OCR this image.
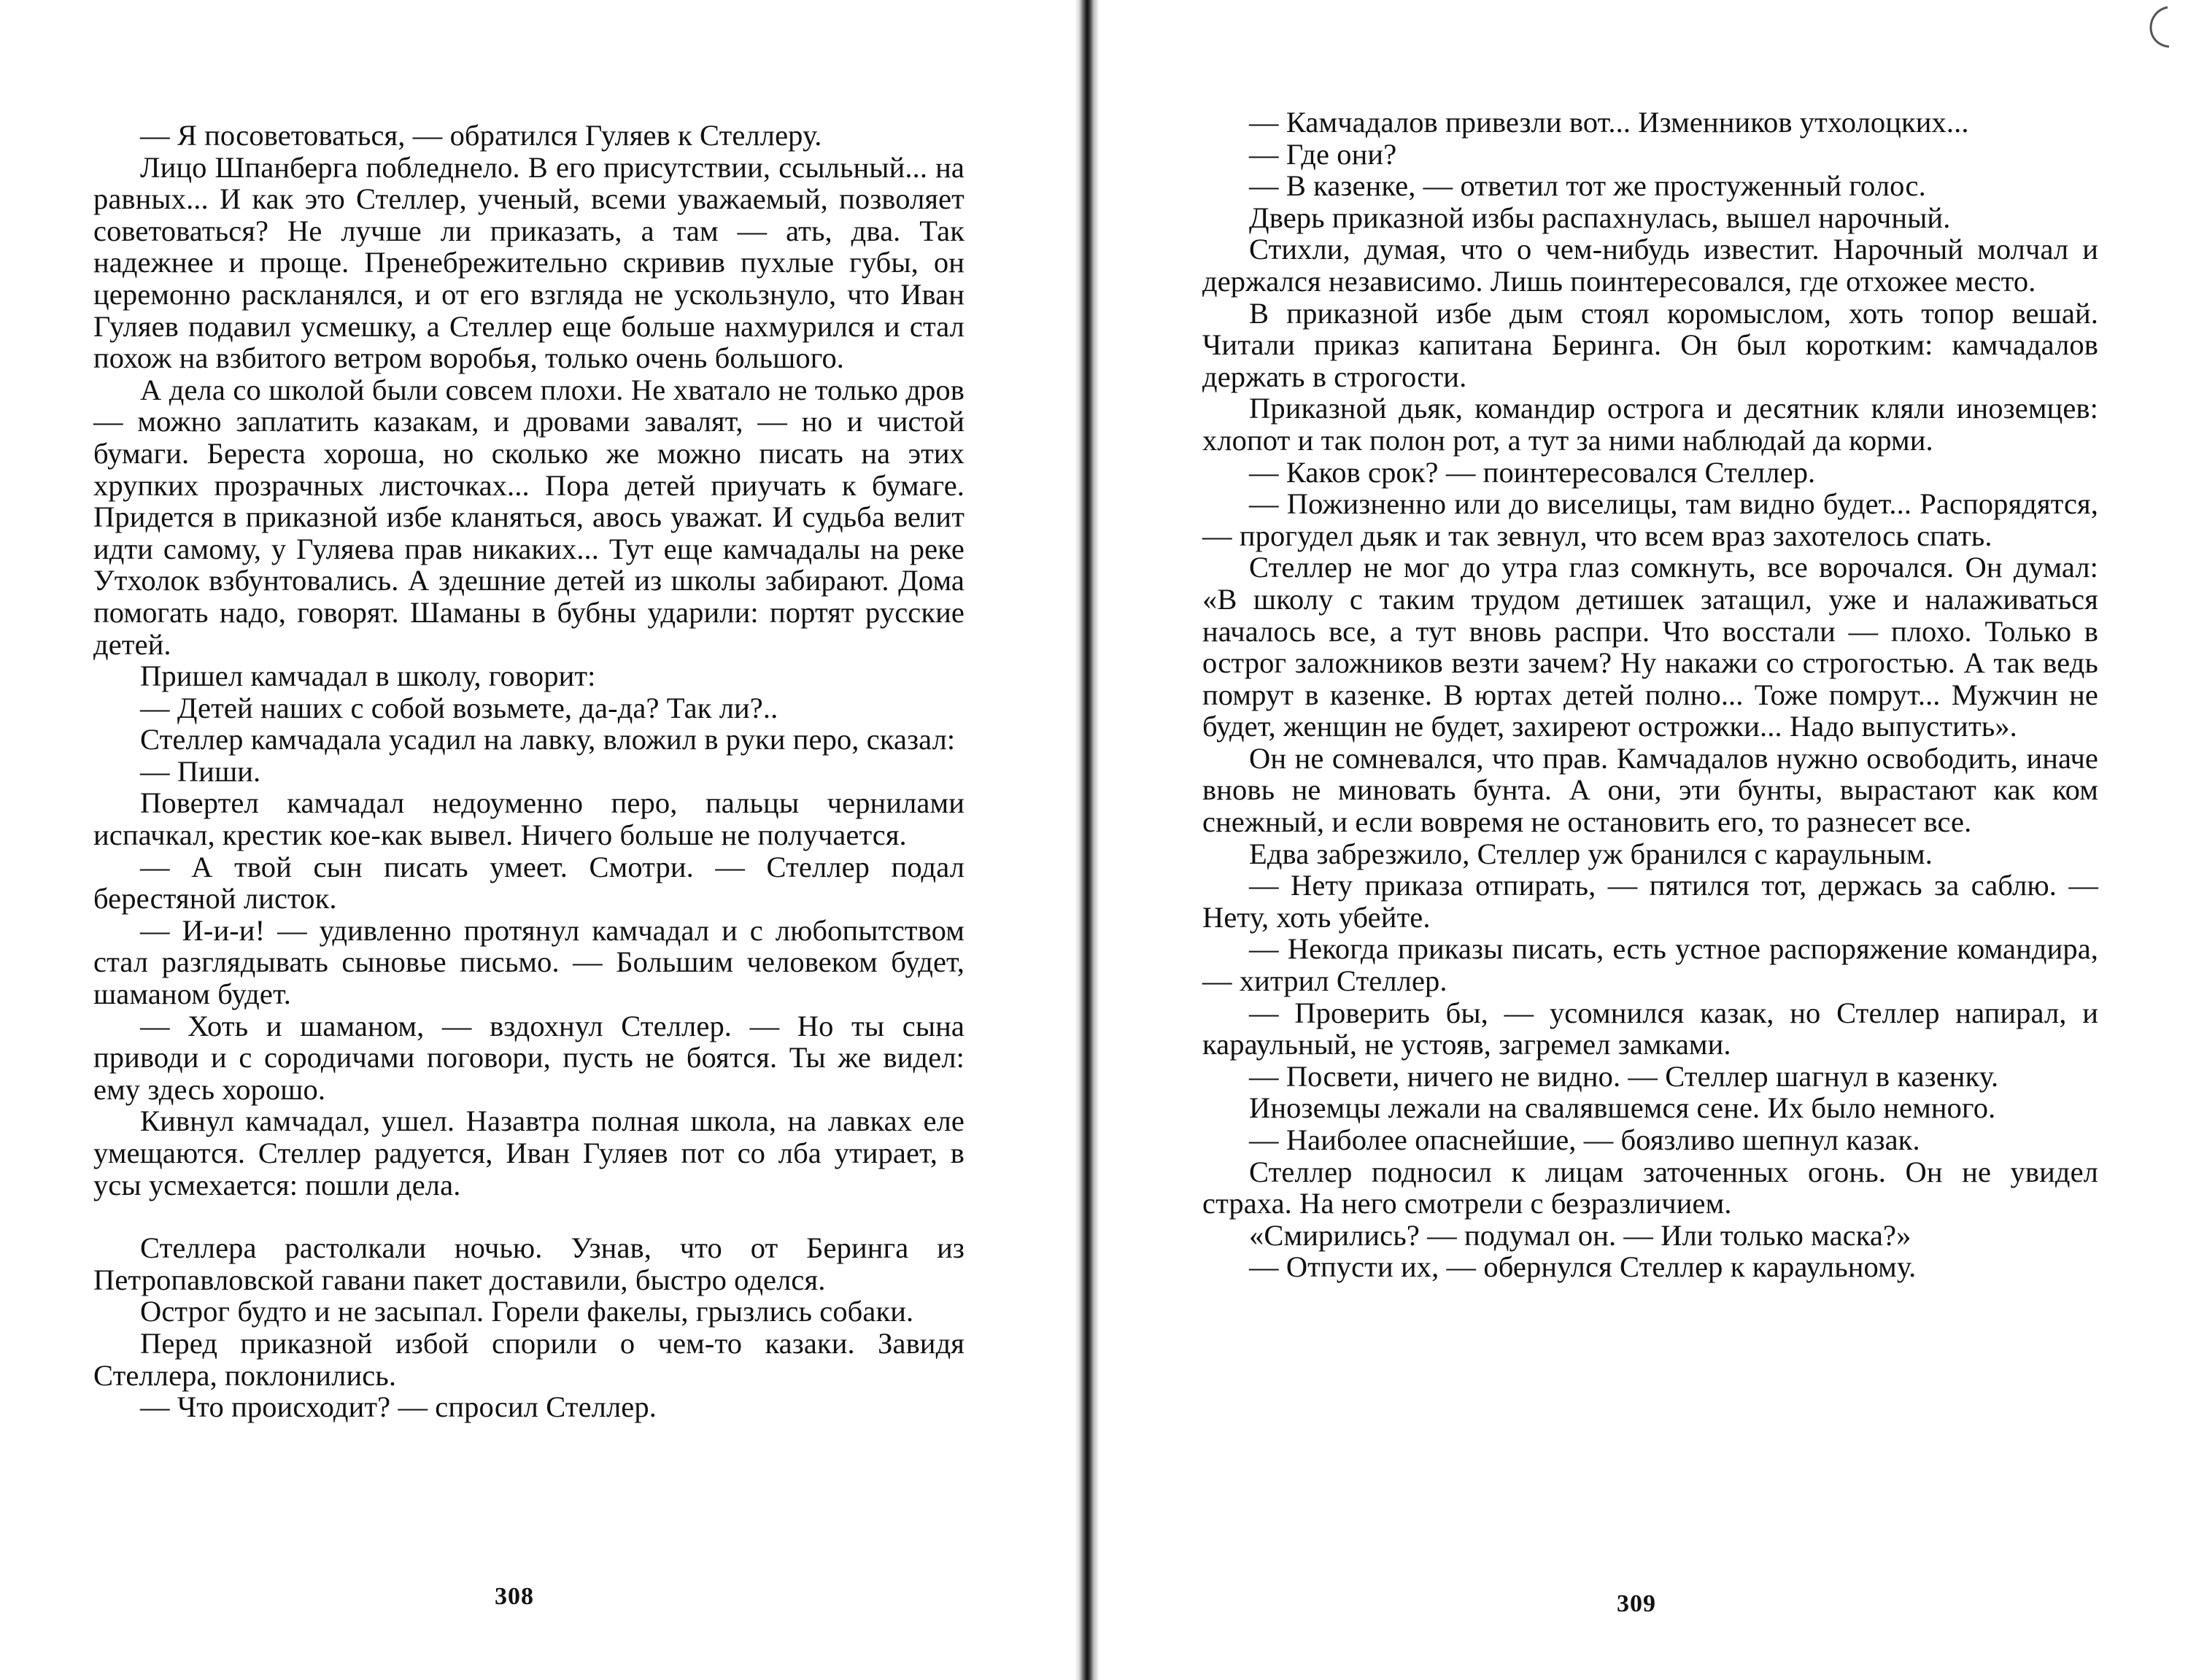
— Я посоветоваться, — обратился Гуляев к Стеллеру.

Лицо Шпанберга побледнело. В его присутствии, ссыльный... на равных... И как это Стеллер, ученый, всеми уважаемый, позволяет советоваться? Не лучше ли приказать, а там — ать, два. Так надежнее и проще. Пренебрежительно скривив пухлые губы, он церемонно раскланялся, и от его взгляда не ускользнуло, что Иван Гуляев подавил усмешку, а Стеллер еще больше нахмурился и стал похож на взбитого ветром воробья, только очень большого.

А дела со школой были совсем плохи. Не хватало не только дров — можно заплатить казакам, и дровами завалят, — но и чистой бумаги. Береста хороша, но сколько же можно писать на этих хрупких прозрачных листочках... Пора детей приучать к бумаге. Придется в приказной избе кланяться, авось уважат. И судьба велит идти самому, у Гуляева прав никаких... Тут еще камчадалы на реке Утхолок взбунтовались. А здешние детей из школы забирают. Дома помогать надо, говорят. Шаманы в бубны ударили: портят русские детей.

Пришел камчадал в школу, говорит:

— Детей наших с собой возьмете, да-да? Так ли?..

Стеллер камчадала усадил на лавку, вложил в руки перо, сказал:

— Пиши.

Повертел камчадал недоуменно перо, пальцы чернилами испачкал, крестик кое-как вывел. Ничего больше не получается.

— А твой сын писать умеет. Смотри. — Стеллер подал берестяной листок.

— И-и-и! — удивленно протянул камчадал и с любопытством стал разглядывать сыновье письмо. — Большим человеком будет, шаманом будет.

— Хоть и шаманом, — вздохнул Стеллер. — Но ты сына приводи и с сородичами поговори, пусть не боятся. Ты же видел: ему здесь хорошо.

Кивнул камчадал, ушел. Назавтра полная школа, на лавках еле умещаются. Стеллер радуется, Иван Гуляев пот со лба утирает, в усы усмехается: пошли дела.

Стеллера растолкали ночью. Узнав, что от Беринга из Петропавловской гавани пакет доставили, быстро оделся.

Острог будто и не засыпал. Горели факелы, грызлись собаки.

Перед приказной избой спорили о чем-то казаки. Завидя Стеллера, поклонились.

— Что происходит? — спросил Стеллер.

308

— Камчадалов привезли вот... Изменников утхолоцких...

— Где они?

— В казенке, — ответил тот же простуженный голос.

Дверь приказной избы распахнулась, вышел нарочный.

Стихли, думая, что о чем-нибудь известит. Нарочный молчал и держался независимо. Лишь поинтересовался, где отхожее место.

В приказной избе дым стоял коромыслом, хоть топор вешай. Читали приказ капитана Беринга. Он был коротким: камчадалов держать в строгости.

Приказной дьяк, командир острога и десятник кляли иноземцев: хлопот и так полон рот, а тут за ними наблюдай да корми.

— Каков срок? — поинтересовался Стеллер.

— Пожизненно или до виселицы, там видно будет... Распорядятся, — прогудел дьяк и так зевнул, что всем враз захотелось спать.

Стеллер не мог до утра глаз сомкнуть, все ворочался. Он думал: «В школу с таким трудом детишек затащил, уже и налаживаться началось все, а тут вновь распри. Что восстали — плохо. Только в острог заложников везти зачем? Ну накажи со строгостью. А так ведь помрут в казенке. В юртах детей полно... Тоже помрут... Мужчин не будет, женщин не будет, захиреют острожки... Надо выпустить».

Он не сомневался, что прав. Камчадалов нужно освободить, иначе вновь не миновать бунта. А они, эти бунты, вырастают как ком снежный, и если вовремя не остановить его, то разнесет все.

Едва забрезжило, Стеллер уж бранился с караульным.

— Нету приказа отпирать, — пятился тот, держась за саблю. — Нету, хоть убейте.

— Некогда приказы писать, есть устное распоряжение командира, — хитрил Стеллер.

— Проверить бы, — усомнился казак, но Стеллер напирал, и караульный, не устояв, загремел замками.

— Посвети, ничего не видно. — Стеллер шагнул в казенку.

Иноземцы лежали на свалявшемся сене. Их было немного.

— Наиболее опаснейшие, — боязливо шепнул казак.

Стеллер подносил к лицам заточенных огонь. Он не увидел страха. На него смотрели с безразличием.

«Смирились? — подумал он. — Или только маска?»

— Отпусти их, — обернулся Стеллер к караульному.

309
